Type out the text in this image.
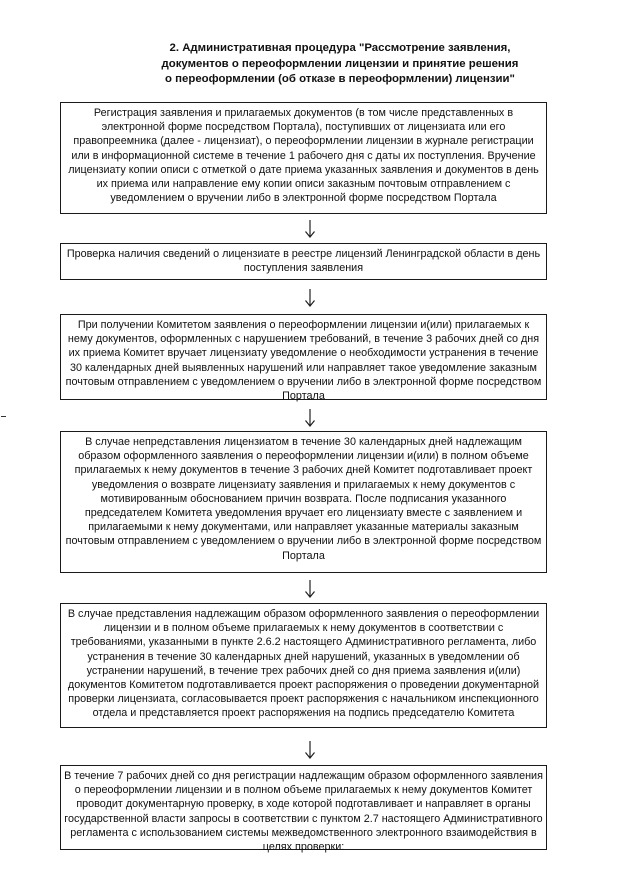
2. Административная процедура "Рассмотрение заявления,
документов о переоформлении лицензии и принятие решения
о переоформлении (об отказе в переоформлении) лицензии"
Регистрация заявления и прилагаемых документов (в том числе представленных в
электронной форме посредством Портала), поступивших от лицензиата или его
правопреемника (далее - лицензиат), о переоформлении лицензии в журнале регистрации
или в информационной системе в течение 1 рабочего дня с даты их поступления. Вручение
лицензиату копии описи с отметкой о дате приема указанных заявления и документов в день
их приема или направление ему копии описи заказным почтовым отправлением с
уведомлением о вручении либо в электронной форме посредством Портала
Проверка наличия сведений о лицензиате в реестре лицензий Ленинградской области в день
поступления заявления
При получении Комитетом заявления о переоформлении лицензии и(или) прилагаемых к
нему документов, оформленных с нарушением требований, в течение 3 рабочих дней со дня
их приема Комитет вручает лицензиату уведомление о необходимости устранения в течение
30 календарных дней выявленных нарушений или направляет такое уведомление заказным
почтовым отправлением с уведомлением о вручении либо в электронной форме посредством
Портала
В случае непредставления лицензиатом в течение 30 календарных дней надлежащим
образом оформленного заявления о переоформлении лицензии и(или) в полном объеме
прилагаемых к нему документов в течение 3 рабочих дней Комитет подготавливает проект
уведомления о возврате лицензиату заявления и прилагаемых к нему документов с
мотивированным обоснованием причин возврата. После подписания указанного
председателем Комитета уведомления вручает его лицензиату вместе с заявлением и
прилагаемыми к нему документами, или направляет указанные материалы заказным
почтовым отправлением с уведомлением о вручении либо в электронной форме посредством
Портала
В случае представления надлежащим образом оформленного заявления о переоформлении
лицензии и в полном объеме прилагаемых к нему документов в соответствии с
требованиями, указанными в пункте 2.6.2 настоящего Административного регламента, либо
устранения в течение 30 календарных дней нарушений, указанных в уведомлении об
устранении нарушений, в течение трех рабочих дней со дня приема заявления и(или)
документов Комитетом подготавливается проект распоряжения о проведении документарной
проверки лицензиата, согласовывается проект распоряжения с начальником инспекционного
отдела и представляется проект распоряжения на подпись председателю Комитета
В течение 7 рабочих дней со дня регистрации надлежащим образом оформленного заявления
о переоформлении лицензии и в полном объеме прилагаемых к нему документов Комитет
проводит документарную проверку, в ходе которой подготавливает и направляет в органы
государственной власти запросы в соответствии с пунктом 2.7 настоящего Административного
регламента с использованием системы межведомственного электронного взаимодействия в
целях проверки:
